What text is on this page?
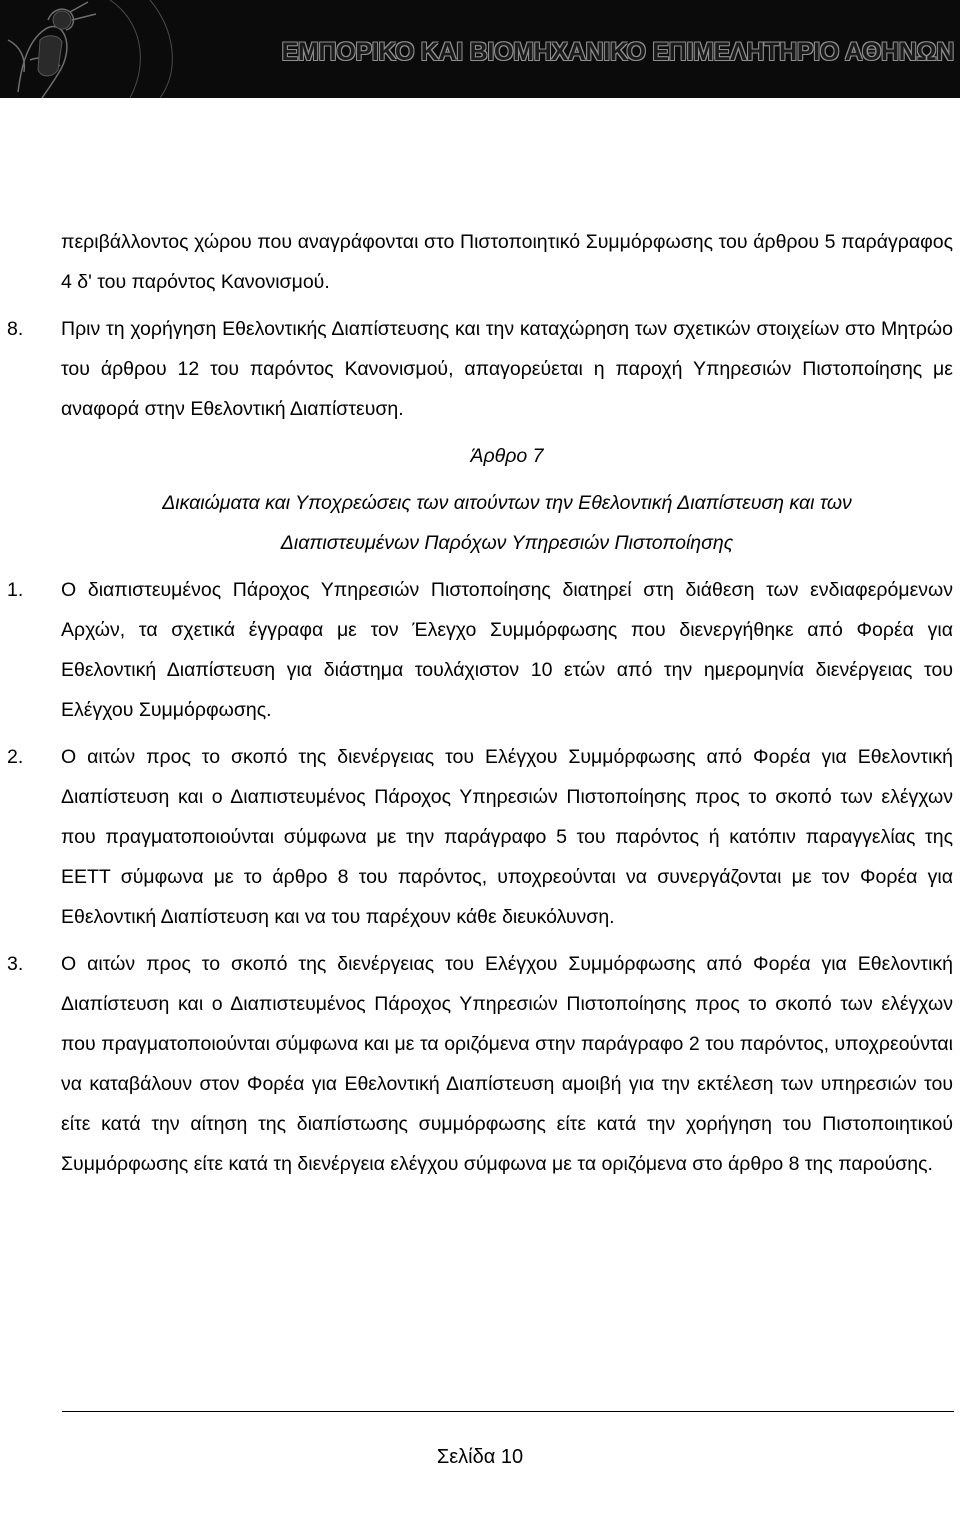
ΕΜΠΟΡΙΚΟ ΚΑΙ ΒΙΟΜΗΧΑΝΙΚΟ ΕΠΙΜΕΛΗΤΗΡΙΟ ΑΘΗΝΩΝ

περιβάλλοντος χώρου που αναγράφονται στο Πιστοποιητικό Συμμόρφωσης του άρθρου 5 παράγραφος 4 δ' του παρόντος Κανονισμού.

8. Πριν τη χορήγηση Εθελοντικής Διαπίστευσης και την καταχώρηση των σχετικών στοιχείων στο Μητρώο του άρθρου 12 του παρόντος Κανονισμού, απαγορεύεται η παροχή Υπηρεσιών Πιστοποίησης με αναφορά στην Εθελοντική Διαπίστευση.

Άρθρο 7

Δικαιώματα και Υποχρεώσεις των αιτούντων την Εθελοντική Διαπίστευση και των

Διαπιστευμένων Παρόχων Υπηρεσιών Πιστοποίησης

1. Ο διαπιστευμένος Πάροχος Υπηρεσιών Πιστοποίησης διατηρεί στη διάθεση των ενδιαφερόμενων Αρχών, τα σχετικά έγγραφα με τον Έλεγχο Συμμόρφωσης που διενεργήθηκε από Φορέα για Εθελοντική Διαπίστευση για διάστημα τουλάχιστον 10 ετών από την ημερομηνία διενέργειας του Ελέγχου Συμμόρφωσης.
2. Ο αιτών προς το σκοπό της διενέργειας του Ελέγχου Συμμόρφωσης από Φορέα για Εθελοντική Διαπίστευση και ο Διαπιστευμένος Πάροχος Υπηρεσιών Πιστοποίησης προς το σκοπό των ελέγχων που πραγματοποιούνται σύμφωνα με την παράγραφο 5 του παρόντος ή κατόπιν παραγγελίας της ΕΕΤΤ σύμφωνα με το άρθρο 8 του παρόντος, υποχρεούνται να συνεργάζονται με τον Φορέα για Εθελοντική Διαπίστευση και να του παρέχουν κάθε διευκόλυνση.
3. Ο αιτών προς το σκοπό της διενέργειας του Ελέγχου Συμμόρφωσης από Φορέα για Εθελοντική Διαπίστευση και ο Διαπιστευμένος Πάροχος Υπηρεσιών Πιστοποίησης προς το σκοπό των ελέγχων που πραγματοποιούνται σύμφωνα και με τα οριζόμενα στην παράγραφο 2 του παρόντος, υποχρεούνται να καταβάλουν στον Φορέα για Εθελοντική Διαπίστευση αμοιβή για την εκτέλεση των υπηρεσιών του είτε κατά την αίτηση της διαπίστωσης συμμόρφωσης είτε κατά την χορήγηση του Πιστοποιητικού Συμμόρφωσης είτε κατά τη διενέργεια ελέγχου σύμφωνα με τα οριζόμενα στο άρθρο 8 της παρούσης.
Σελίδα 10
